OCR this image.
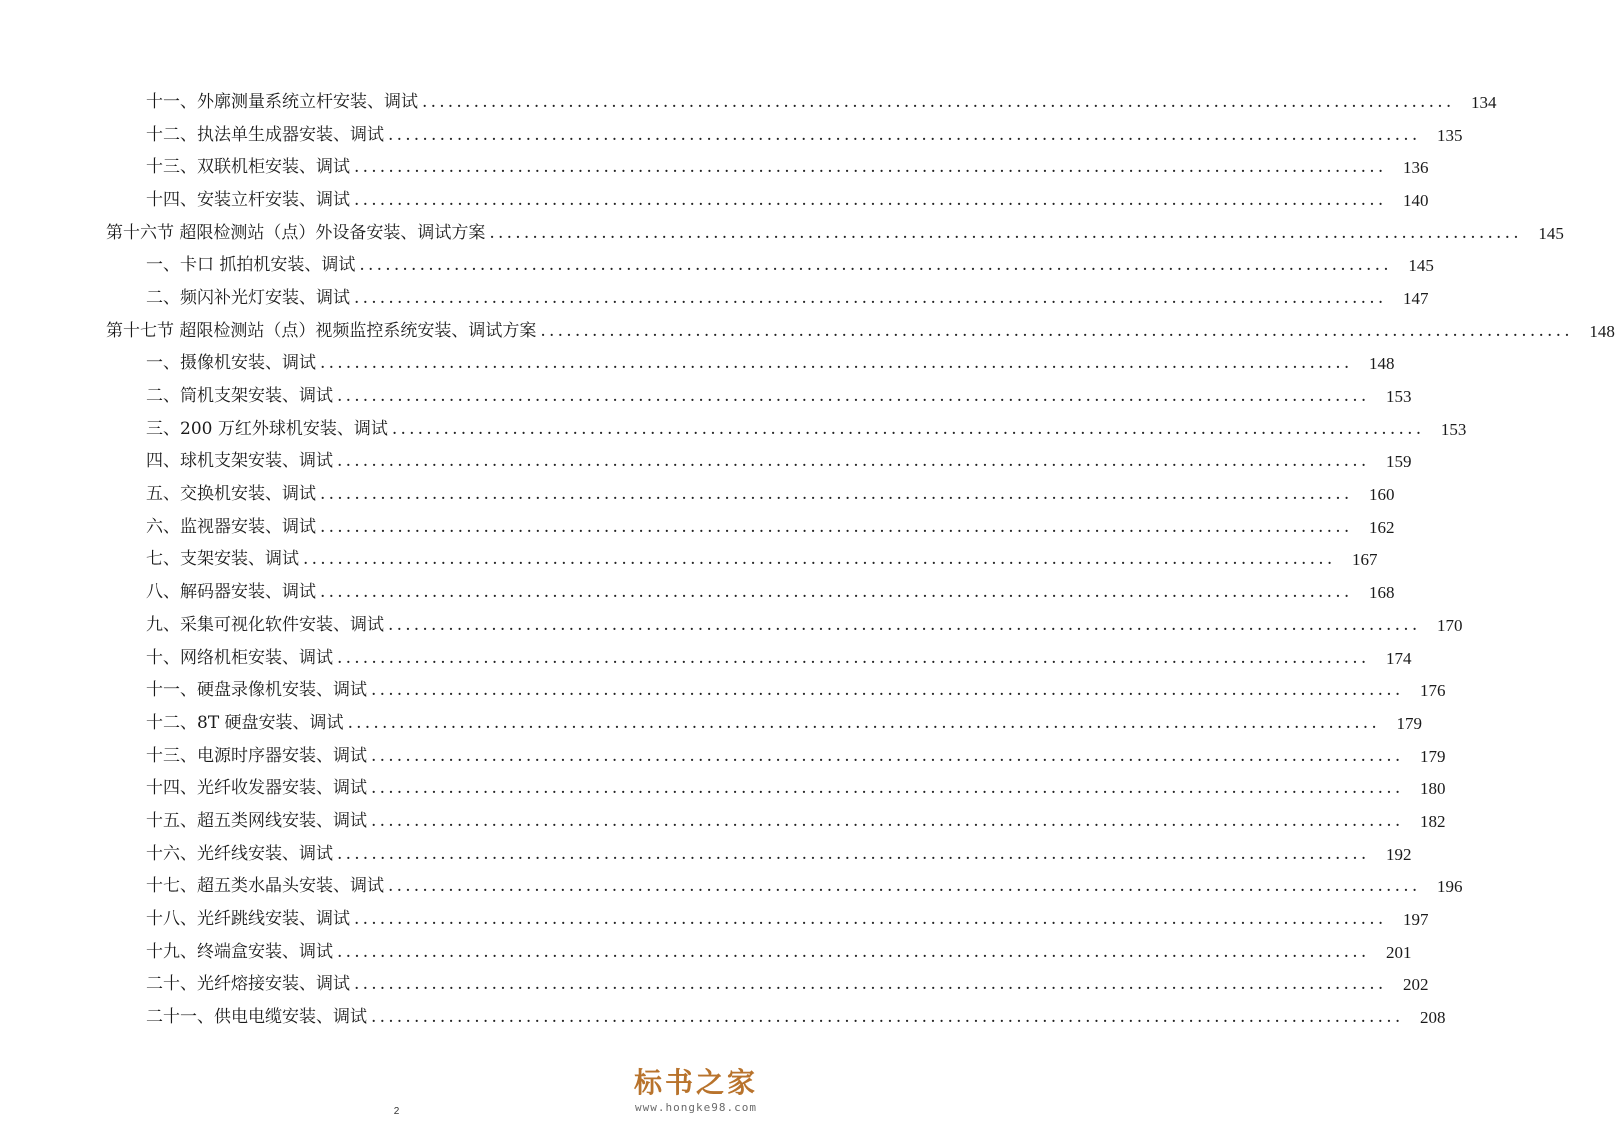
十一、外廓测量系统立杆安装、调试 ........................................................................................................................ 134
十二、执法单生成器安装、调试 ........................................................................................................................ 135
十三、双联机柜安装、调试 ........................................................................................................................ 136
十四、安装立杆安装、调试 ........................................................................................................................ 140
第十六节 超限检测站（点）外设备安装、调试方案 ........................................................................................................................ 145
一、卡口 抓拍机安装、调试 ........................................................................................................................ 145
二、频闪补光灯安装、调试 ........................................................................................................................ 147
第十七节 超限检测站（点）视频监控系统安装、调试方案 ........................................................................................................................ 148
一、摄像机安装、调试 ........................................................................................................................ 148
二、筒机支架安装、调试 ........................................................................................................................ 153
三、200 万红外球机安装、调试 ........................................................................................................................ 153
四、球机支架安装、调试 ........................................................................................................................ 159
五、交换机安装、调试 ........................................................................................................................ 160
六、监视器安装、调试 ........................................................................................................................ 162
七、支架安装、调试 ........................................................................................................................ 167
八、解码器安装、调试 ........................................................................................................................ 168
九、采集可视化软件安装、调试 ........................................................................................................................ 170
十、网络机柜安装、调试 ........................................................................................................................ 174
十一、硬盘录像机安装、调试 ........................................................................................................................ 176
十二、8T 硬盘安装、调试 ........................................................................................................................ 179
十三、电源时序器安装、调试 ........................................................................................................................ 179
十四、光纤收发器安装、调试 ........................................................................................................................ 180
十五、超五类网线安装、调试 ........................................................................................................................ 182
十六、光纤线安装、调试 ........................................................................................................................ 192
十七、超五类水晶头安装、调试 ........................................................................................................................ 196
十八、光纤跳线安装、调试 ........................................................................................................................ 197
十九、终端盒安装、调试 ........................................................................................................................ 201
二十、光纤熔接安装、调试 ........................................................................................................................ 202
二十一、供电电缆安装、调试 ........................................................................................................................ 208
2
标书之家
www.hongke98.com
